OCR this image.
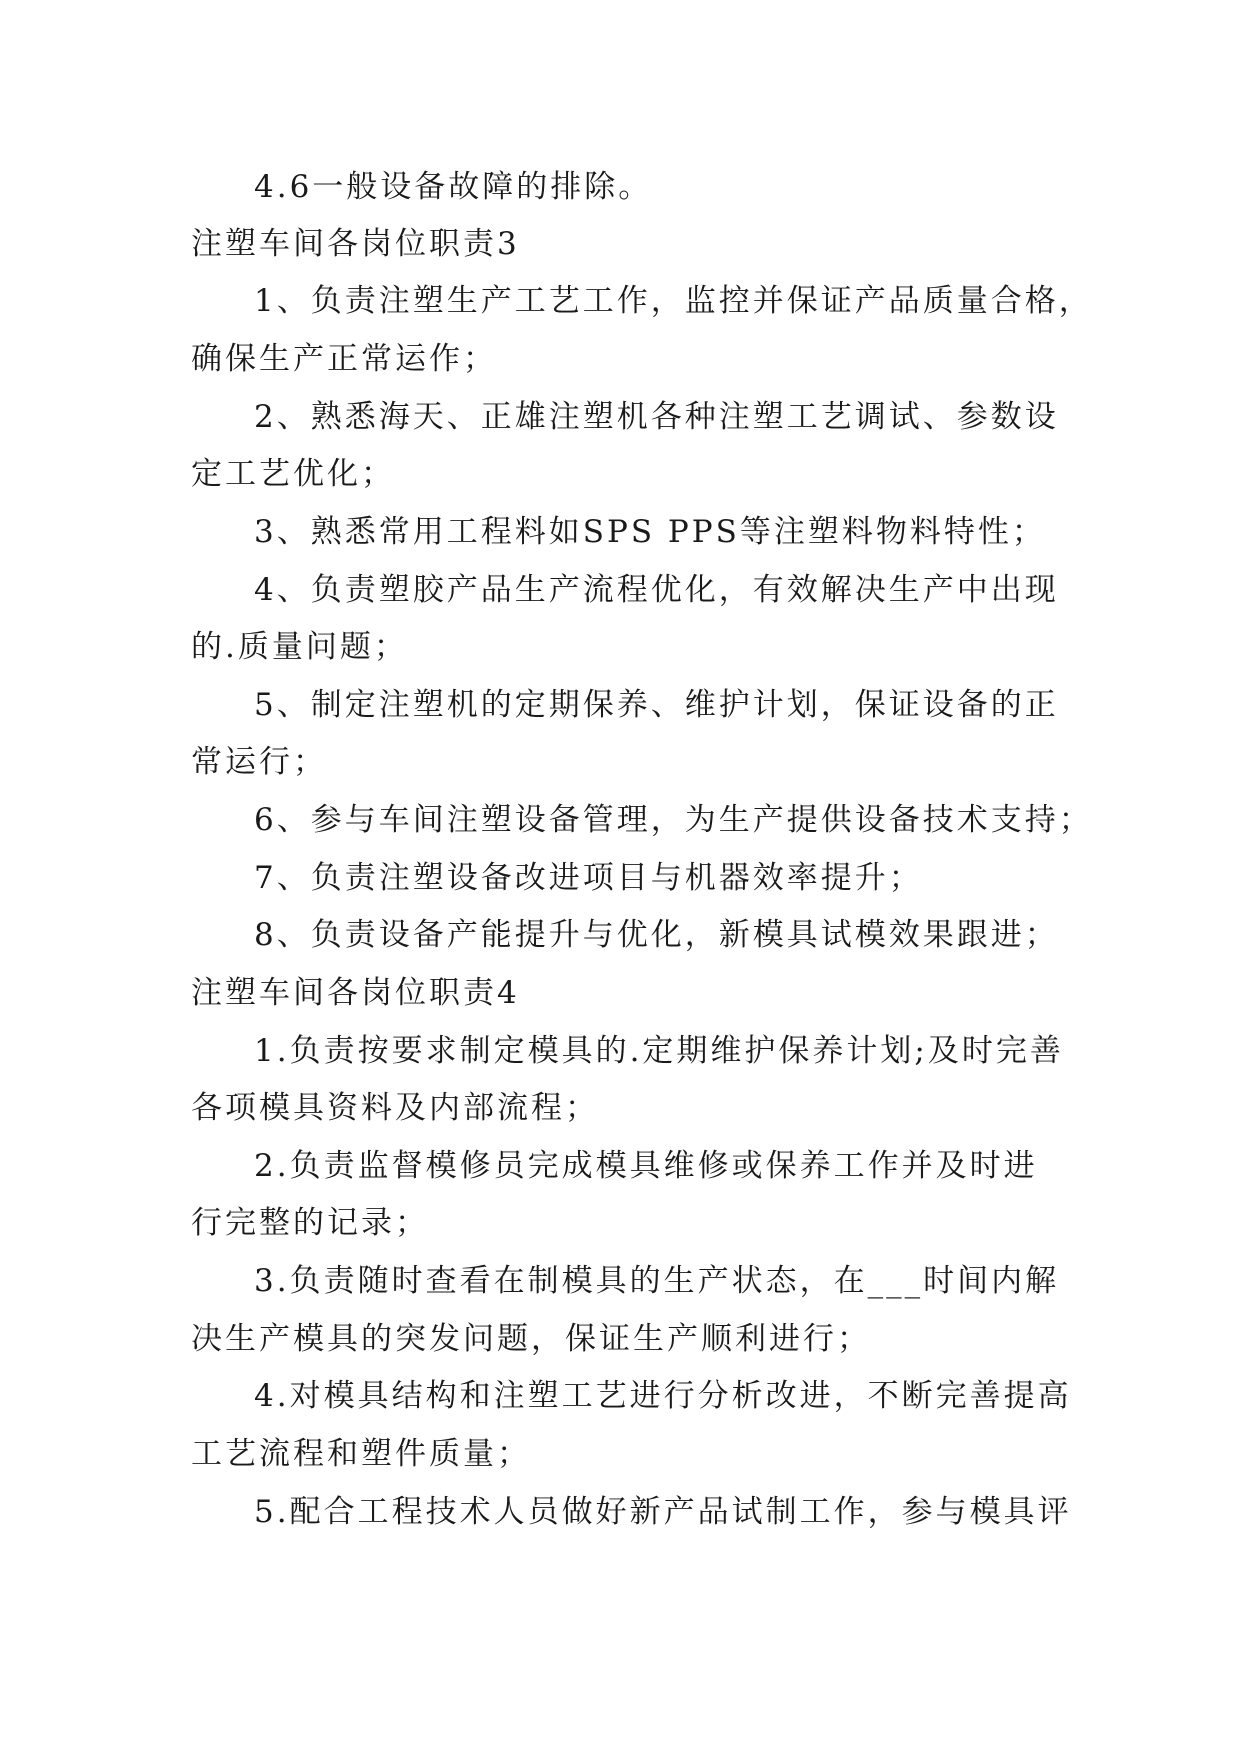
4.6一般设备故障的排除。
注塑车间各岗位职责3
1、负责注塑生产工艺工作，监控并保证产品质量合格，
确保生产正常运作；
2、熟悉海天、正雄注塑机各种注塑工艺调试、参数设
定工艺优化；
3、熟悉常用工程料如SPS PPS等注塑料物料特性；
4、负责塑胶产品生产流程优化，有效解决生产中出现
的.质量问题；
5、制定注塑机的定期保养、维护计划，保证设备的正
常运行；
6、参与车间注塑设备管理，为生产提供设备技术支持；
7、负责注塑设备改进项目与机器效率提升；
8、负责设备产能提升与优化，新模具试模效果跟进；
注塑车间各岗位职责4
1.负责按要求制定模具的.定期维护保养计划;及时完善
各项模具资料及内部流程；
2.负责监督模修员完成模具维修或保养工作并及时进
行完整的记录；
3.负责随时查看在制模具的生产状态，在___时间内解
决生产模具的突发问题，保证生产顺利进行；
4.对模具结构和注塑工艺进行分析改进，不断完善提高
工艺流程和塑件质量；
5.配合工程技术人员做好新产品试制工作，参与模具评
